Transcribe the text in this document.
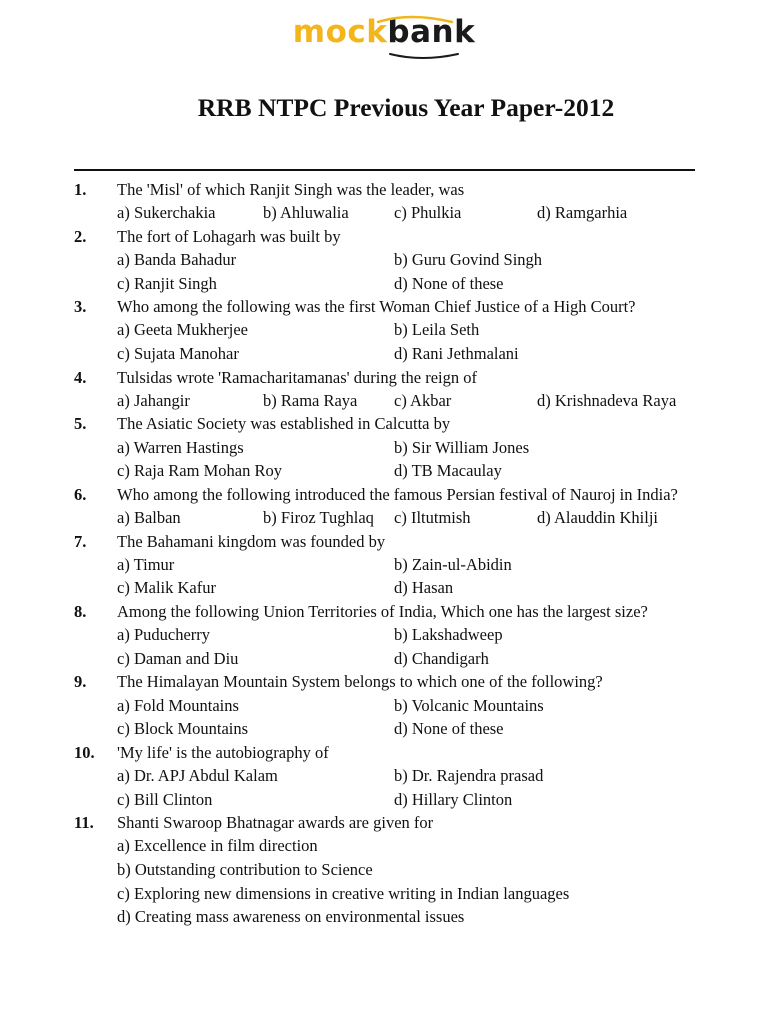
mockbank
RRB NTPC Previous Year Paper-2012
1. The 'Misl' of which Ranjit Singh was the leader, was
a) Sukerchakia	b) Ahluwalia	c) Phulkia	d) Ramgarhia
2. The fort of Lohagarh was built by
a) Banda Bahadur	b) Guru Govind Singh
c) Ranjit Singh	d) None of these
3. Who among the following was the first Woman Chief Justice of a High Court?
a) Geeta Mukherjee	b) Leila Seth
c) Sujata Manohar	d) Rani Jethmalani
4. Tulsidas wrote 'Ramacharitamanas' during the reign of
a) Jahangir	b) Rama Raya c) Akbar	d) Krishnadeva Raya
5. The Asiatic Society was established in Calcutta by
a) Warren Hastings	b) Sir William Jones
c) Raja Ram Mohan Roy	d) TB Macaulay
6. Who among the following introduced the famous Persian festival of Nauroj in India?
a) Balban	b) Firoz Tughlaq c) Iltutmish	d) Alauddin Khilji
7. The Bahamani kingdom was founded by
a) Timur	b) Zain-ul-Abidin
c) Malik Kafur	d) Hasan
8. Among the following Union Territories of India, Which one has the largest size?
a) Puducherry	b) Lakshadweep
c) Daman and Diu	d) Chandigarh
9. The Himalayan Mountain System belongs to which one of the following?
a) Fold Mountains	b) Volcanic Mountains
c) Block Mountains	d) None of these
10. 'My life' is the autobiography of
a) Dr. APJ Abdul Kalam	b) Dr. Rajendra prasad
c) Bill Clinton	d) Hillary Clinton
11. Shanti Swaroop Bhatnagar awards are given for
a) Excellence in film direction
b) Outstanding contribution to Science
c) Exploring new dimensions in creative writing in Indian languages
d) Creating mass awareness on environmental issues
